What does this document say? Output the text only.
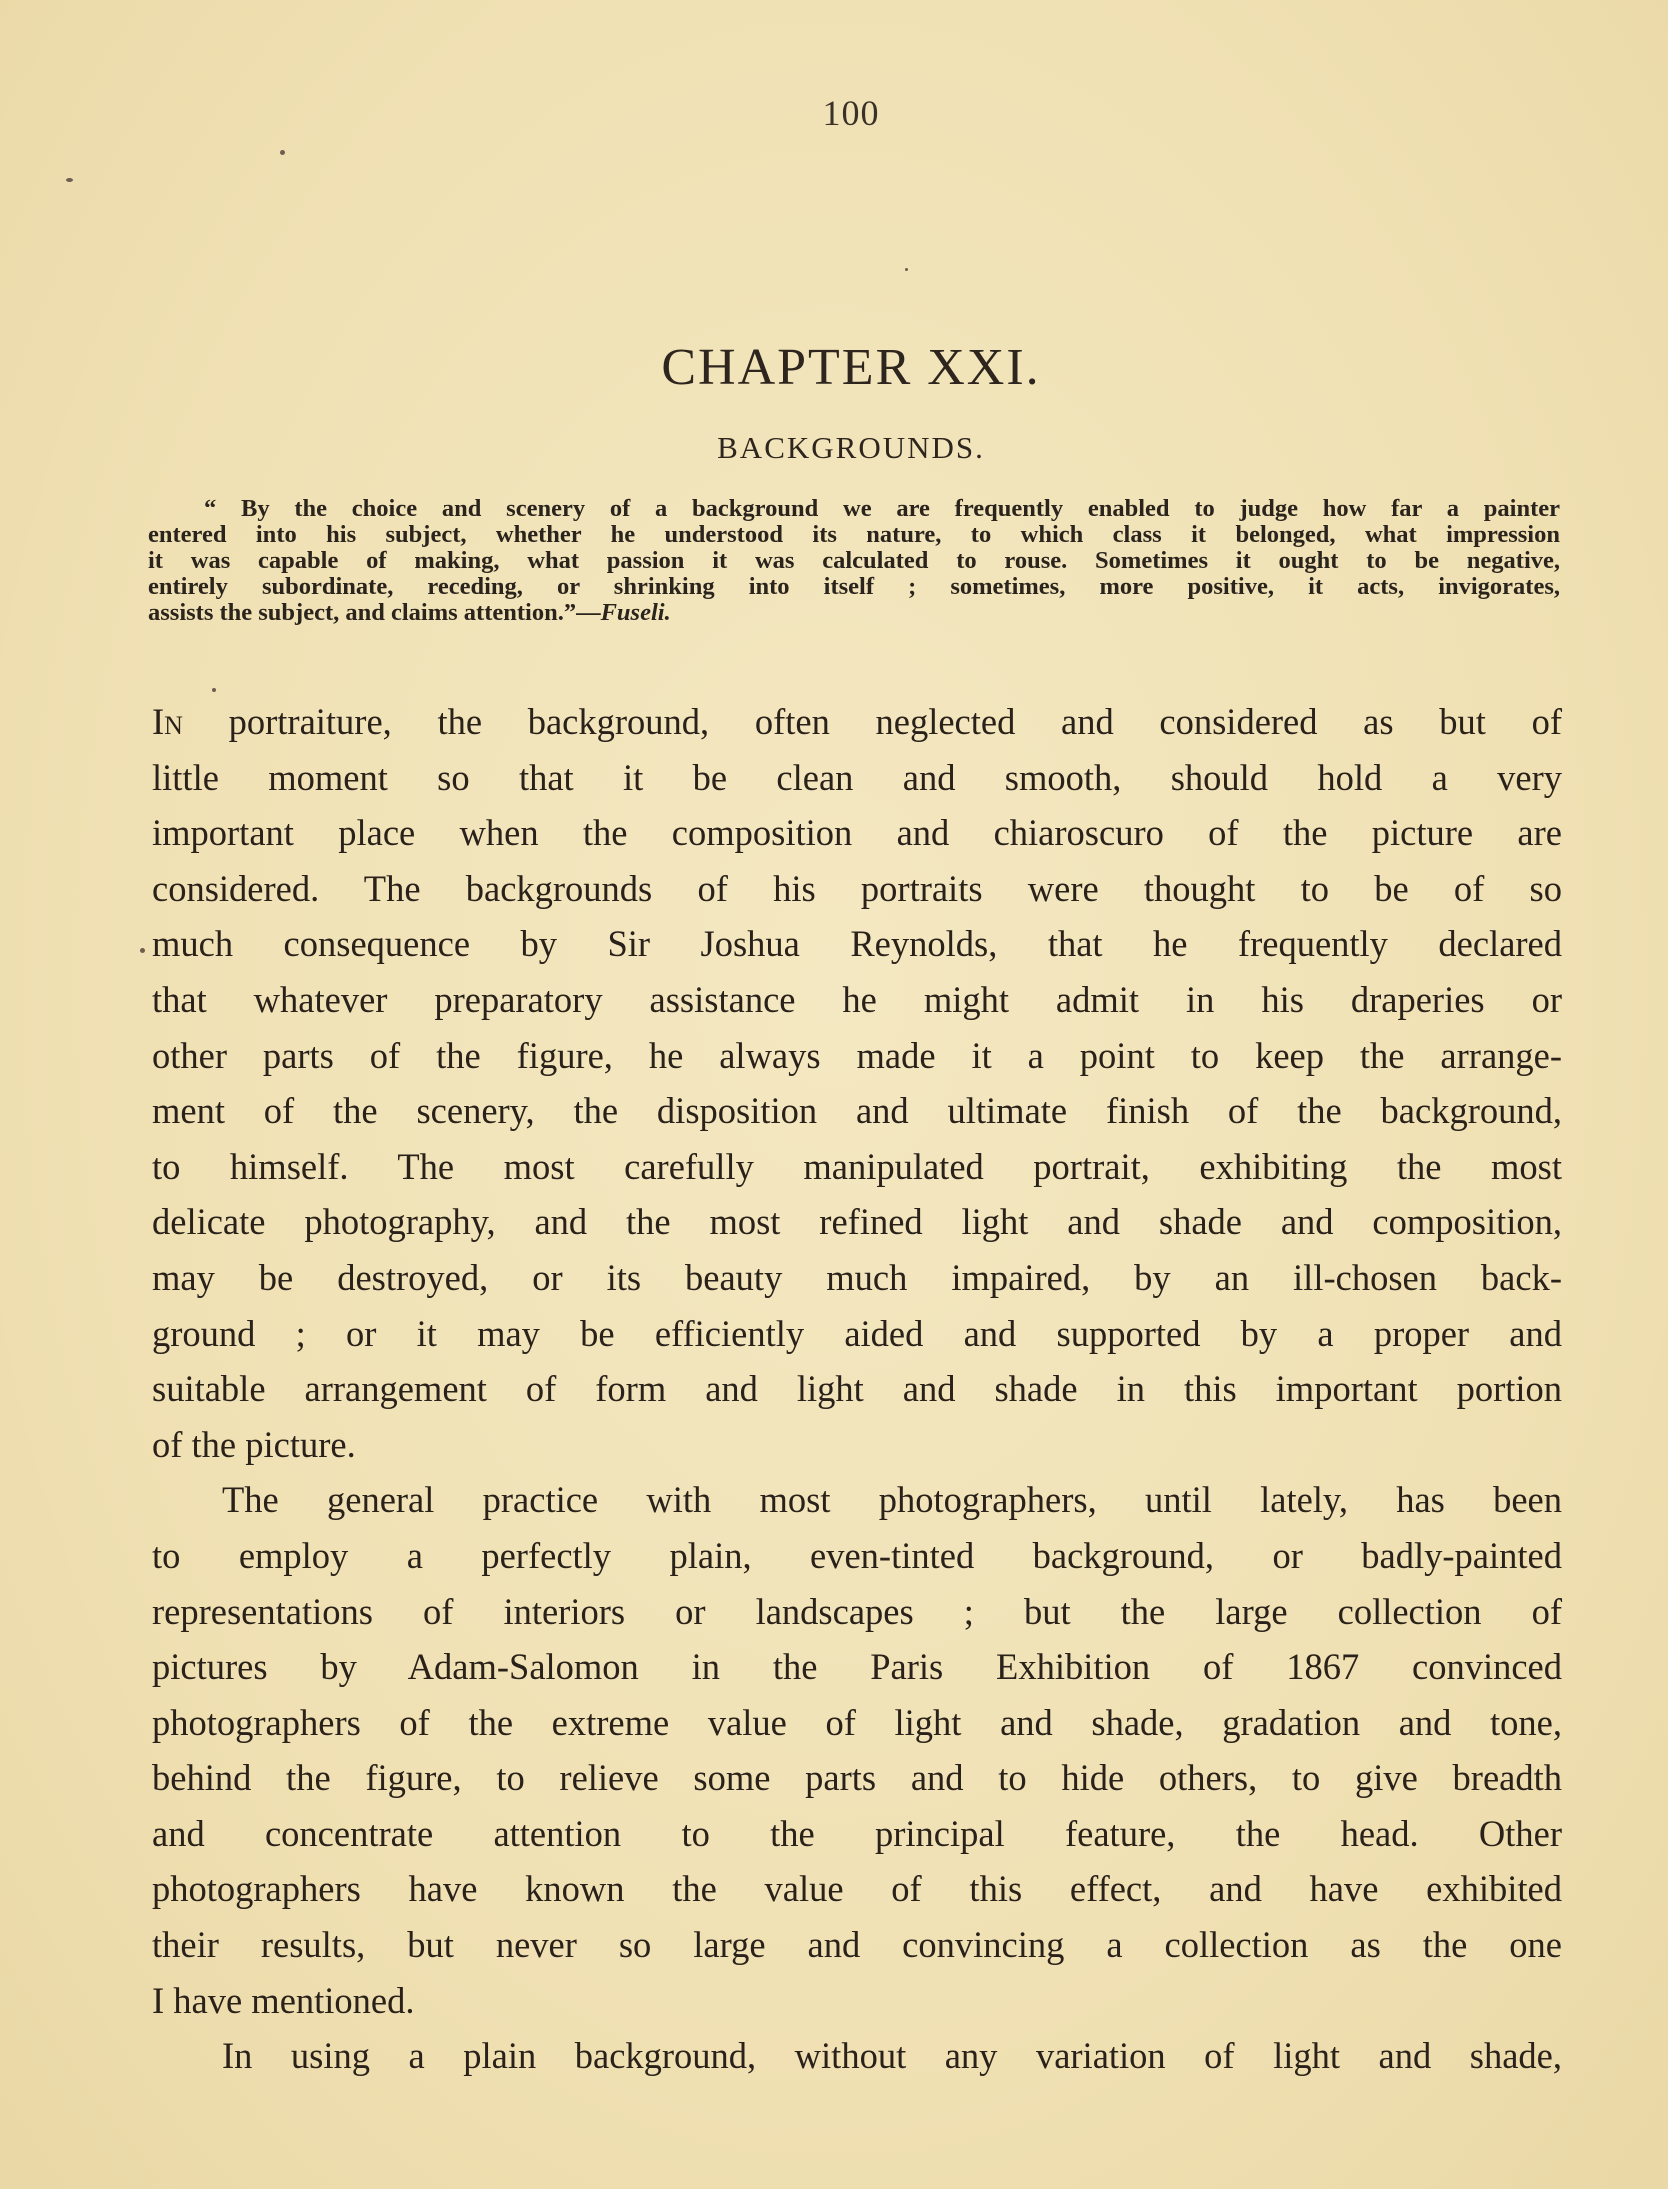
100
CHAPTER XXI.
BACKGROUNDS.
“ By the choice and scenery of a background we are frequently enabled to judge how far a painter
entered into his subject, whether he understood its nature, to which class it belonged, what impression
it was capable of making, what passion it was calculated to rouse. Sometimes it ought to be negative,
entirely subordinate, receding, or shrinking into itself ; sometimes, more positive, it acts, invigorates,
assists the subject, and claims attention.”—Fuseli.
In portraiture, the background, often neglected and considered as but of
little moment so that it be clean and smooth, should hold a very
important place when the composition and chiaroscuro of the picture are
considered. The backgrounds of his portraits were thought to be of so
much consequence by Sir Joshua Reynolds, that he frequently declared
that whatever preparatory assistance he might admit in his draperies or
other parts of the figure, he always made it a point to keep the arrange-
ment of the scenery, the disposition and ultimate finish of the background,
to himself. The most carefully manipulated portrait, exhibiting the most
delicate photography, and the most refined light and shade and composition,
may be destroyed, or its beauty much impaired, by an ill-chosen back-
ground ; or it may be efficiently aided and supported by a proper and
suitable arrangement of form and light and shade in this important portion
of the picture.
The general practice with most photographers, until lately, has been
to employ a perfectly plain, even-tinted background, or badly-painted
representations of interiors or landscapes ; but the large collection of
pictures by Adam-Salomon in the Paris Exhibition of 1867 convinced
photographers of the extreme value of light and shade, gradation and tone,
behind the figure, to relieve some parts and to hide others, to give breadth
and concentrate attention to the principal feature, the head. Other
photographers have known the value of this effect, and have exhibited
their results, but never so large and convincing a collection as the one
I have mentioned.
In using a plain background, without any variation of light and shade,
